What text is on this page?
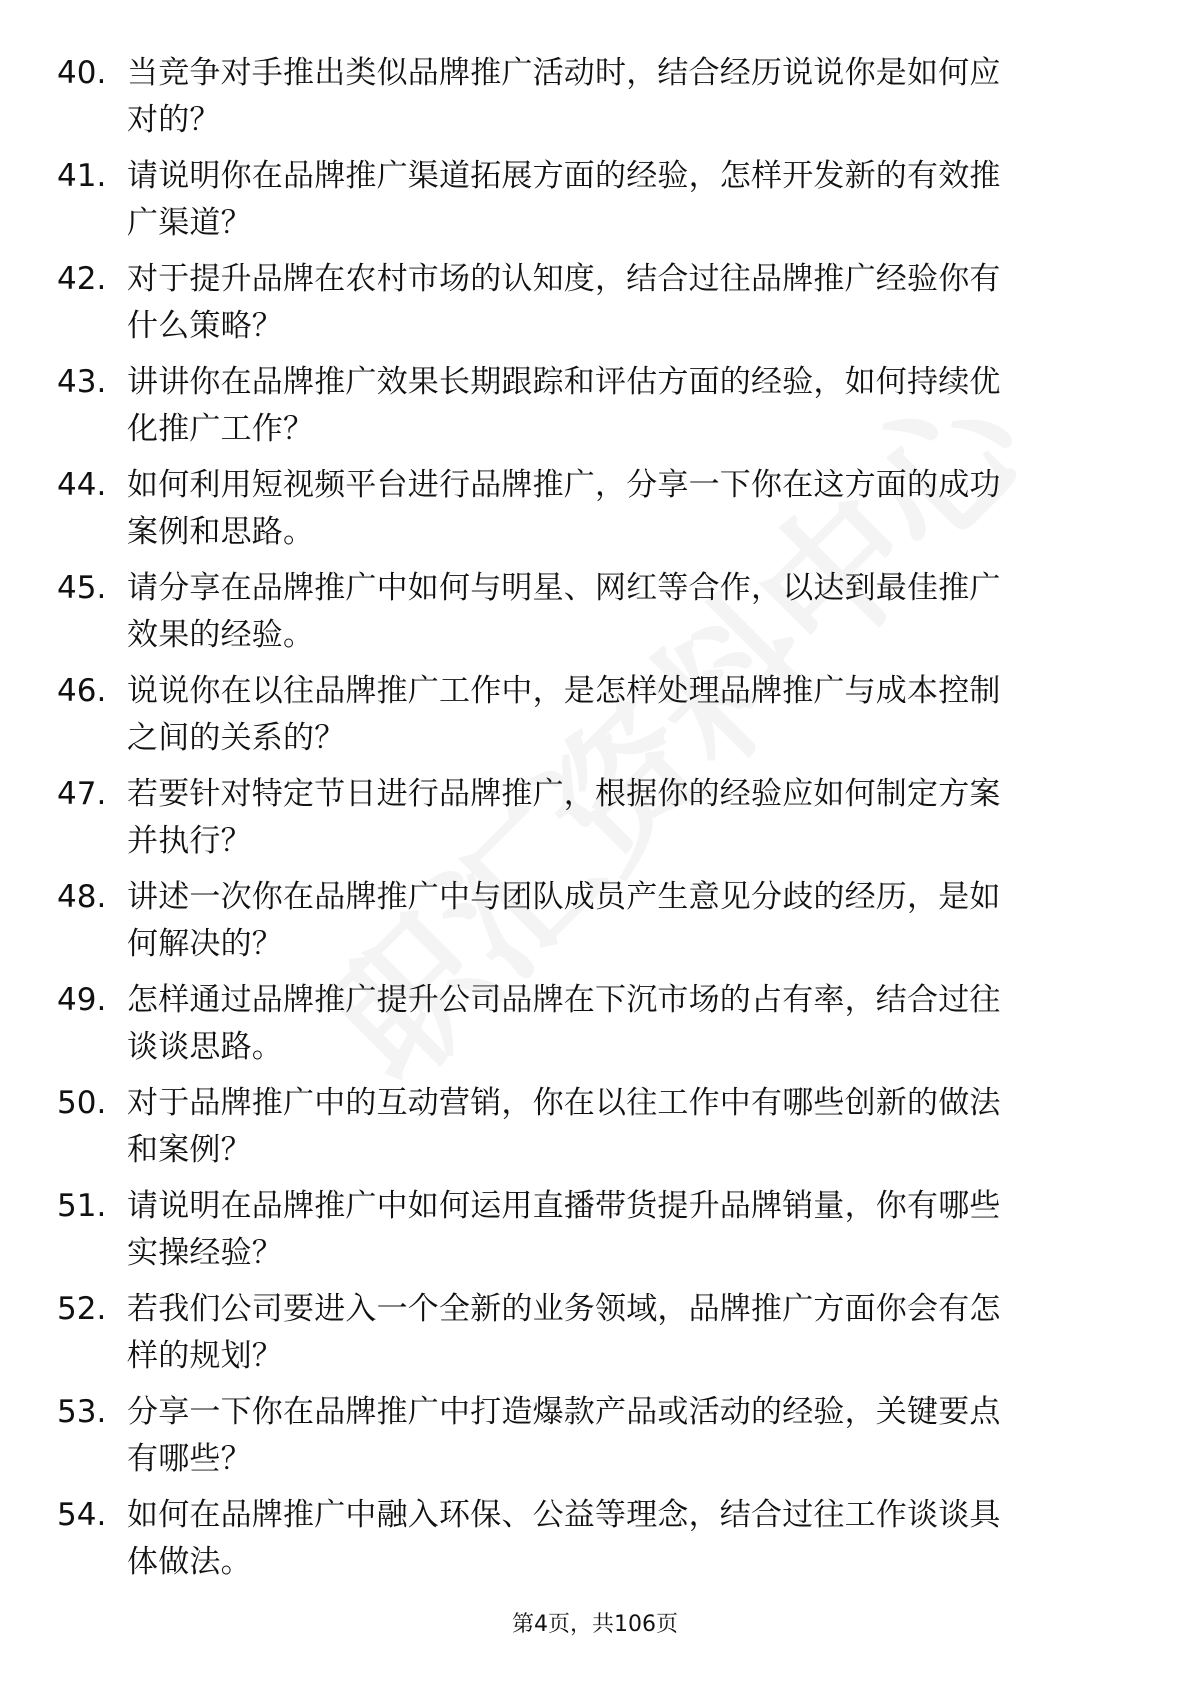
40. 当竞争对手推出类似品牌推广活动时，结合经历说说你是如何应
对的？
41. 请说明你在品牌推广渠道拓展方面的经验，怎样开发新的有效推
广渠道？
42. 对于提升品牌在农村市场的认知度，结合过往品牌推广经验你有
什么策略？
43. 讲讲你在品牌推广效果长期跟踪和评估方面的经验，如何持续优
化推广工作？
44. 如何利用短视频平台进行品牌推广，分享一下你在这方面的成功
案例和思路。
45. 请分享在品牌推广中如何与明星、网红等合作，以达到最佳推广
效果的经验。
46. 说说你在以往品牌推广工作中，是怎样处理品牌推广与成本控制
之间的关系的？
47. 若要针对特定节日进行品牌推广，根据你的经验应如何制定方案
并执行？
48. 讲述一次你在品牌推广中与团队成员产生意见分歧的经历，是如
何解决的？
49. 怎样通过品牌推广提升公司品牌在下沉市场的占有率，结合过往
谈谈思路。
50. 对于品牌推广中的互动营销，你在以往工作中有哪些创新的做法
和案例？
51. 请说明在品牌推广中如何运用直播带货提升品牌销量，你有哪些
实操经验？
52. 若我们公司要进入一个全新的业务领域，品牌推广方面你会有怎
样的规划？
53. 分享一下你在品牌推广中打造爆款产品或活动的经验，关键要点
有哪些？
54. 如何在品牌推广中融入环保、公益等理念，结合过往工作谈谈具
体做法。
第4页，共106页
